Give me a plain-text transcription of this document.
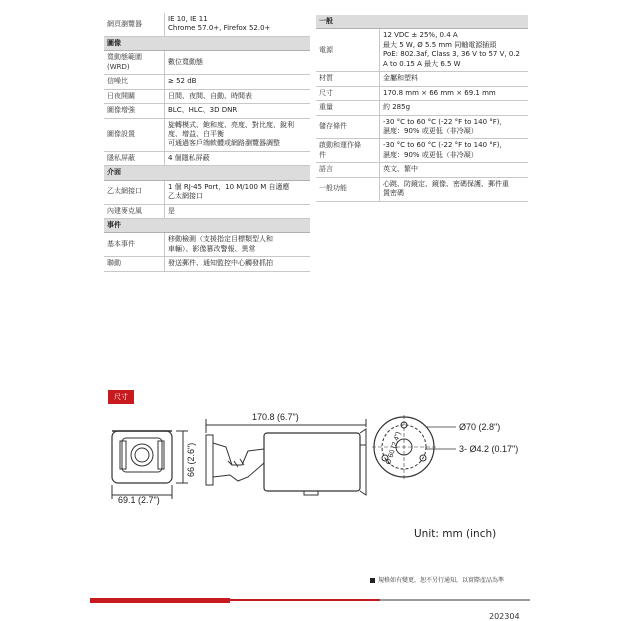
網頁瀏覽器	IE 10, IE 11
Chrome 57.0+, Firefox 52.0+
圖像	
寬動態範圍
(WRD)	數位寬動態
信噪比	≥ 52 dB
日夜開關	日間、夜間、自動、時間表
圖像增強	BLC、HLC、3D DNR
圖像設置	旋轉模式、飽和度、亮度、對比度、銳利
度、增益、白平衡
可通過客戶端軟體或網路瀏覽器調整
隱私屏蔽	4 個隱私屏蔽
介面	
乙太網接口	1 個 RJ-45 Port，10 M/100 M 自適應
乙太網接口
內建麥克風	是
事件	
基本事件	移動檢測（支援指定目標類型人和
車輛）、影像篡改警報、異常
聯動	發送郵件、通知監控中心觸發抓拍
一般	
電源	12 VDC ± 25%, 0.4 A
最大 5 W, Ø 5.5 mm 同軸電源插頭
PoE: 802.3af, Class 3, 36 V to 57 V, 0.2
A to 0.15 A 最大 6.5 W
材質	金屬和塑料
尺寸	170.8 mm × 66 mm × 69.1 mm
重量	約 285g
儲存條件	-30 °C to 60 °C (-22 °F to 140 °F)，
濕度：90% 或更低（非冷凝）
啟動和運作條
件	-30 °C to 60 °C (-22 °F to 140 °F)，
濕度：90% 或更低（非冷凝）
語言	英文、繁中
一般功能	心跳、防鏡定、鏡像、密碼保護、郵件重
置密碼
尺寸
69.1 (2.7")
66 (2.6")
170.8 (6.7")
Ø 60 (2.4")
Ø70 (2.8")
3- Ø4.2 (0.17")
Unit: mm (inch)
規格如有變更，恕不另行通知，以實際產品為準
202304
